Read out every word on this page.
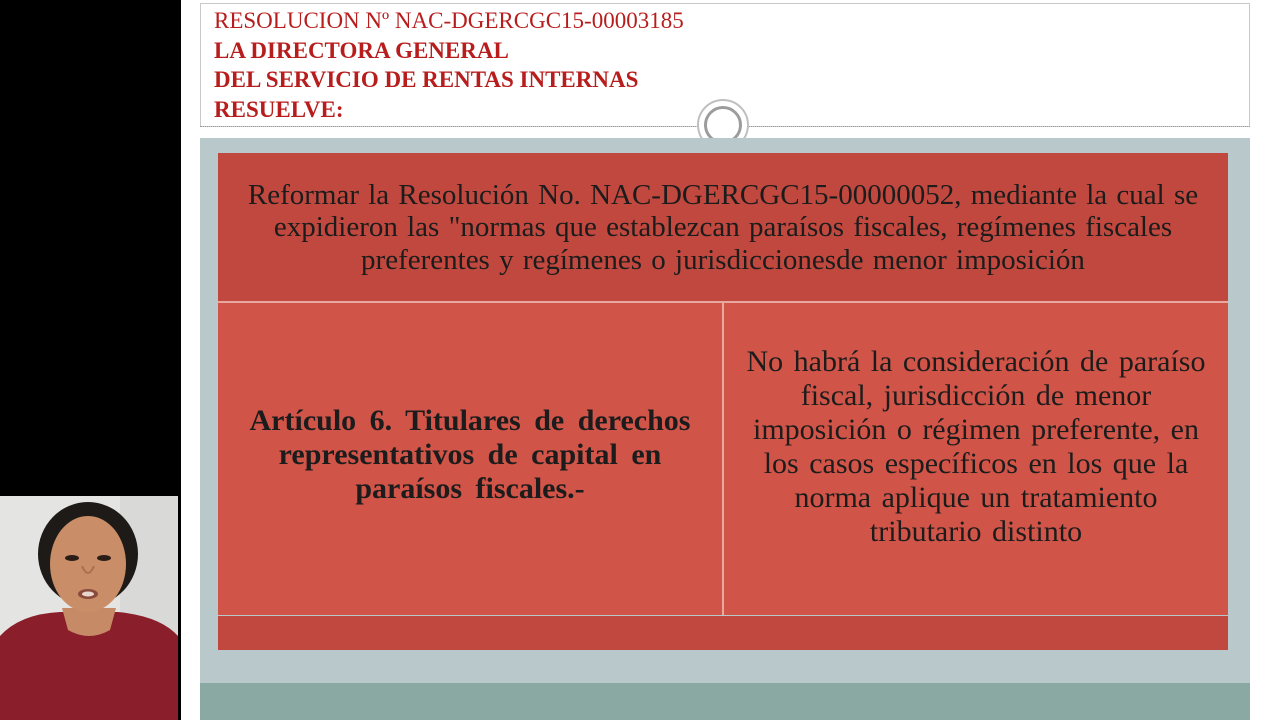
RESOLUCION Nº NAC-DGERCGC15-00003185
LA DIRECTORA GENERAL
DEL SERVICIO DE RENTAS INTERNAS
RESUELVE:
Reformar la Resolución No. NAC-DGERCGC15-00000052, mediante la cual se expidieron las "normas que establezcan paraísos fiscales, regímenes fiscales preferentes y regímenes o jurisdiccionesde menor imposición
Artículo 6. Titulares de derechos representativos de capital en paraísos fiscales.-
No habrá la consideración de paraíso fiscal, jurisdicción de menor imposición o régimen preferente, en los casos específicos en los que la norma aplique un tratamiento tributario distinto
